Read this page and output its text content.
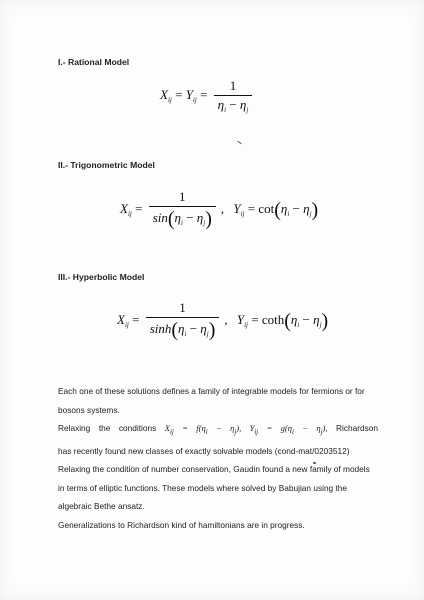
I.- Rational Model
$X_{ij} = Y_{ij} = \frac{1}{\eta_i - \eta_j}$
II.- Trigonometric Model
$X_{ij} = \frac{1}{\sin(\eta_i - \eta_j)}$ , $Y_{ij} = \cot(\eta_i - \eta_j)$
III.- Hyperbolic Model
$X_{ij} = \frac{1}{\sinh(\eta_i - \eta_j)}$ , $Y_{ij} = \cot h(\eta_i - \eta_j)$

Each one of these solutions defines a family of integrable models for fermions or for bosons systems.

Relaxing the conditions $X_{ij} = f(\eta_i - \eta_j)$, $Y_{ij} = g(\eta_i - \eta_j)$, Richardson

has recently found new classes of exactly solvable models (cond-mat/0203512)

Relaxing the condition of number conservation, Gaudin found a new family of models in terms of elliptic functions. These models where solved by Babujian using the algebraic Bethe ansatz.

Generalizations to Richardson kind of hamiltonians are in progress.
